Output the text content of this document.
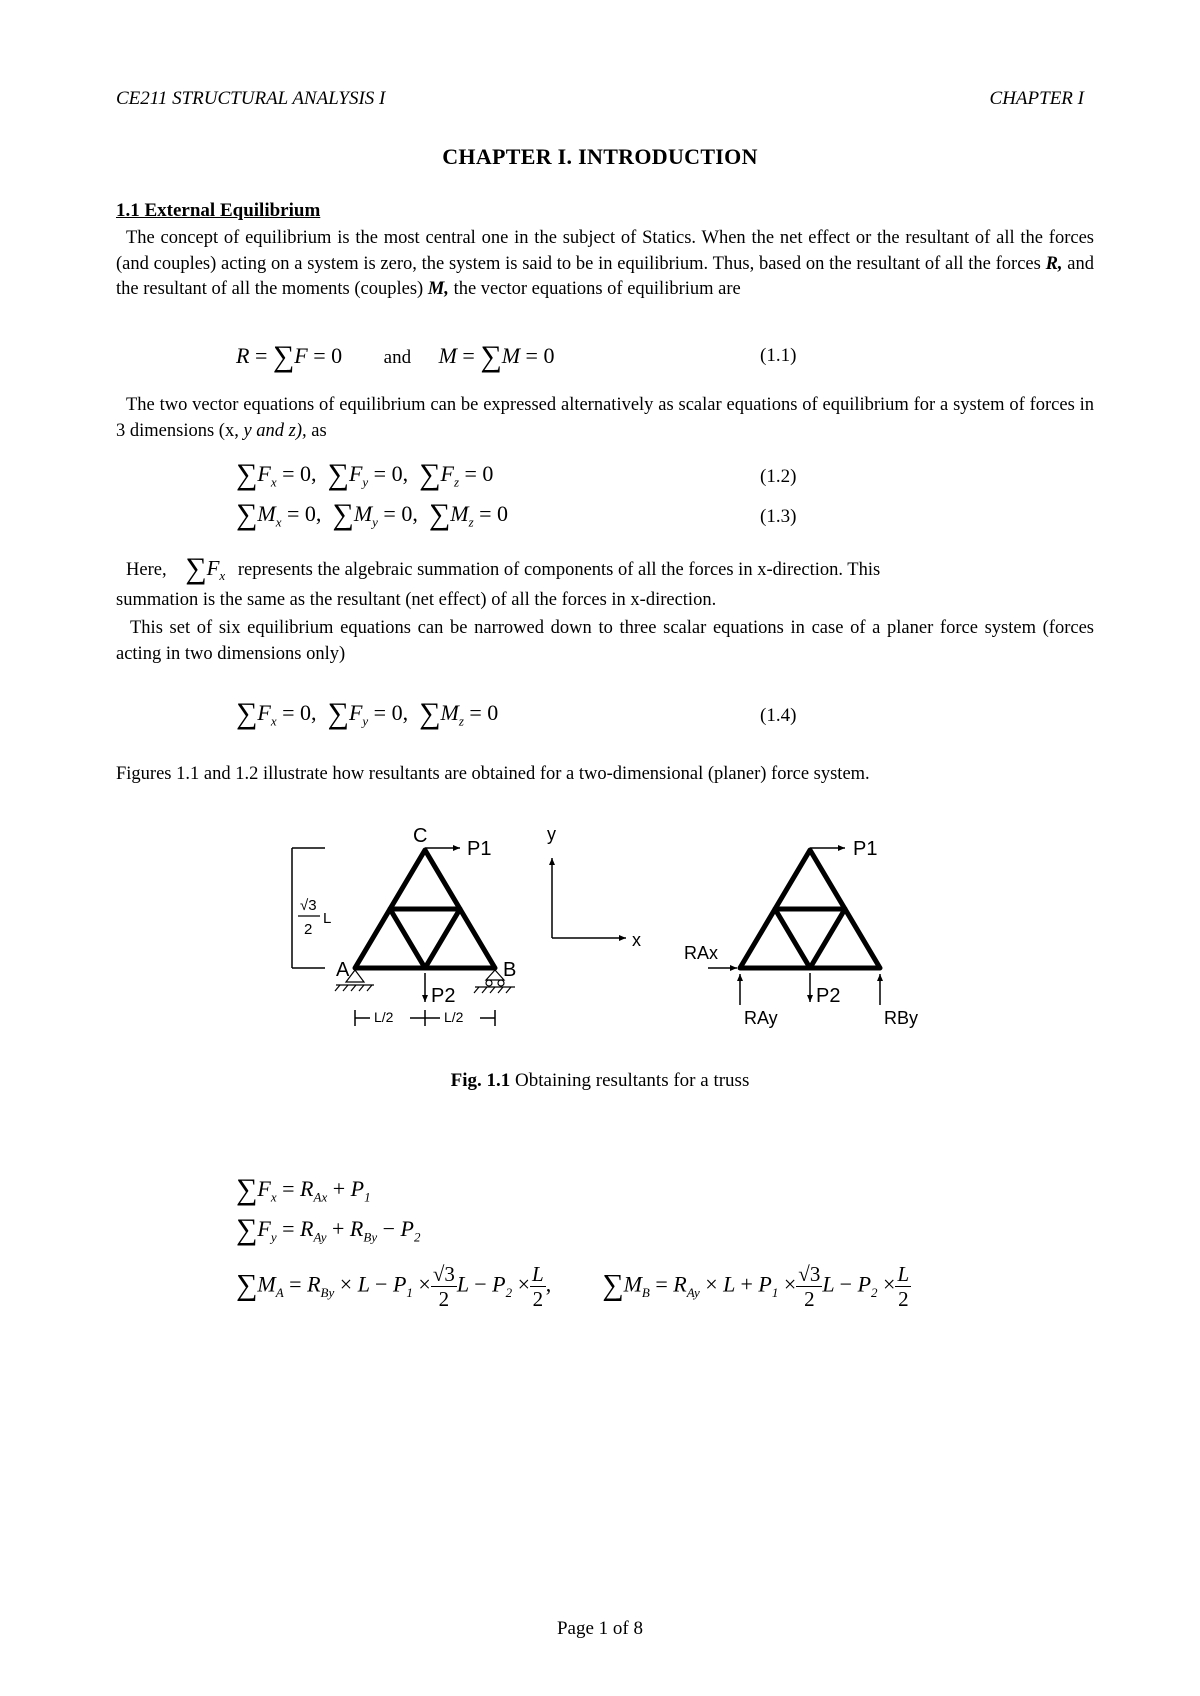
CE211 STRUCTURAL ANALYSIS I	CHAPTER I
CHAPTER I. INTRODUCTION
1.1 External Equilibrium
The concept of equilibrium is the most central one in the subject of Statics. When the net effect or the resultant of all the forces (and couples) acting on a system is zero, the system is said to be in equilibrium. Thus, based on the resultant of all the forces R, and the resultant of all the moments (couples) M, the vector equations of equilibrium are
R = ∑F = 0 and M = ∑M = 0	(1.1)
The two vector equations of equilibrium can be expressed alternatively as scalar equations of equilibrium for a system of forces in 3 dimensions (x, y and z), as
$\sum F_x = 0$, $\sum F_y = 0$, $\sum F_z = 0$	(1.2)
$\sum M_x = 0$, $\sum M_y = 0$, $\sum M_z = 0$	(1.3)
Here, $\sum F_x$ represents the algebraic summation of components of all the forces in x-direction. This
summation is the same as the resultant (net effect) of all the forces in x-direction.
This set of six equilibrium equations can be narrowed down to three scalar equations in case of a planer force system (forces acting in two dimensions only)
$\sum F_x = 0$, $\sum F_y = 0$, $\sum M_z = 0$	(1.4)
Figures 1.1 and 1.2 illustrate how resultants are obtained for a two-dimensional (planer) force system.
√3
2
L
C
A	B
P1
P2
L/2	L/2
y
x
P1
RAx
RAy
P2
RBy
Fig. 1.1 Obtaining resultants for a truss
$\sum F_x = R_{Ax} + P_1$
$\sum F_y = R_{Ay} + R_{By} - P_2$
$\sum M_A = R_{By} \times L - P_1 \times \frac{√3}{2}$ $L - P_2 \times \frac{L}{2}$ , $\sum M_B = R_{Ay} \times L + P_1 \times \frac{√3}{2}$ $L - P_2 \times \frac{L}{2}$
Page 1 of 8
